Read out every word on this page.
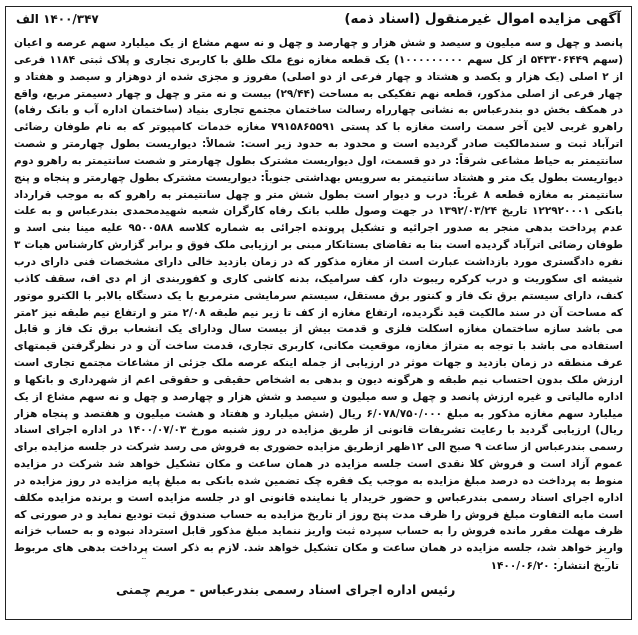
۱۴۰۰/۳۴۷ الف	آگهی مزایده اموال غیرمنقول (اسناد ذمه)
پانصد و چهل و سه میلیون و سیصد و شش هزار و چهارصد و چهل و نه سهم مشاع از یک میلیارد سهم عرصه و اعیان (سهم ۵۴۳۳۰۶۴۴۹ از کل سهم ۱۰۰۰۰۰۰۰۰۰) یک قطعه مغازه نوع ملک طلق با کاربری تجاری و پلاک ثبتی ۱۱۸۴ فرعی از ۲ اصلی (یک هزار و یکصد و هشتاد و چهار فرعی از دو اصلی) مفروز و مجزی شده از دوهزار و سیصد و هفتاد و چهار فرعی از اصلی مذکور، قطعه نهم تفکیکی به مساحت (۲۹/۴۴) بیست و نه متر و چهل و چهار دسیمتر مربع، واقع در همکف بخش دو بندرعباس به نشانی چهارراه رسالت ساختمان مجتمع تجاری بنیاد (ساختمان اداره آب و بانک رفاه) راهرو غربی لاین آخر سمت راست مغازه با کد پستی ۷۹۱۵۸۶۵۵۹۱ مغازه خدمات کامپیوتر که به نام طوفان رضائی اترآباد ثبت و سندمالکیت صادر گردیده است و محدود به حدود زیر است: شمالاً: دیواریست بطول چهارمتر و شصت سانتیمتر به حیاط مشاعی شرقاً: در دو قسمت، اول دیواریست مشترک بطول چهارمتر و شصت سانتیمتر به راهرو دوم دیواریست بطول یک متر و هشتاد سانتیمتر به سرویس بهداشتی جنوباً: دیواریست مشترک بطول چهارمتر و پنجاه و پنج سانتیمتر به مغازه قطعه ۸ غرباً: درب و دیوار است بطول شش متر و چهل سانتیمتر به راهرو که به موجب قرارداد بانکی ۱۲۲۹۲۰۰۰۱ تاریخ ۱۳۹۲/۰۳/۲۴ در جهت وصول طلب بانک رفاه کارگران شعبه شهیدمحمدی بندرعباس و به علت عدم پرداخت بدهی منجر به صدور اجرائیه و تشکیل پرونده اجرائی به شماره کلاسه ۹۵۰۰۵۸۸ علیه مینا بنی اسد و طوفان رضائی اترآباد گردیده است بنا به تقاضای بستانکار مبنی بر ارزیابی ملک فوق و برابر گزارش کارشناس هیات ۳ نفره دادگستری مورد بازداشت عبارت است از مغازه مذکور که در زمان بازدید خالی دارای مشخصات فنی دارای درب شیشه ای سکوریت و درب کرکره ریبوت دار، کف سرامیک، بدنه کاشی کاری و کفوربندی از ام دی اف، سقف کاذب کنف، دارای سیستم برق تک فاز و کنتور برق مستقل، سیستم سرمایشی مترمربع با یک دستگاه بالابر با الکترو موتور که مساحت آن در سند مالکیت قید نگردیده، ارتفاع مغازه از کف تا زیر نیم طبقه ۲/۰۸ متر و ارتفاع نیم طبقه نیز ۲متر می باشد سازه ساختمان مغازه اسکلت فلزی و قدمت بیش از بیست سال ودارای یک انشعاب برق تک فاز و قابل استفاده می باشد با توجه به متراژ مغازه، موقعیت مکانی، کاربری تجاری، قدمت ساخت آن و در نظرگرفتن قیمتهای عرف منطقه در زمان بازدید و جهات موثر در ارزیابی از جمله اینکه عرصه ملک جزئی از مشاعات مجتمع تجاری است ارزش ملک بدون احتساب نیم طبقه و هرگونه دیون و بدهی به اشخاص حقیقی و حقوقی اعم از شهرداری و بانکها و اداره مالیاتی و غیره ارزش پانصد و چهل و سه میلیون و سیصد و شش هزار و چهارصد و چهل و نه سهم مشاع از یک میلیارد سهم مغازه مذکور به مبلغ ۶/۰۷۸/۷۵۰/۰۰۰ ریال (شش میلیارد و هفتاد و هشت میلیون و هفتصد و پنجاه هزار ریال) ارزیابی گردید با رعایت تشریفات قانونی از طریق مزایده در روز شنبه مورخ ۱۴۰۰/۰۷/۰۳ در اداره اجرای اسناد رسمی بندرعباس از ساعت ۹ صبح الی ۱۲ظهر ازطریق مزایده حضوری به فروش می رسد شرکت در جلسه مزایده برای عموم آزاد است و فروش کلا نقدی است جلسه مزایده در همان ساعت و مکان تشکیل خواهد شد شرکت در مزایده منوط به پرداخت ده درصد مبلغ مزایده به موجب یک فقره چک تضمین شده بانکی به مبلغ پایه مزایده در روز مزایده در اداره اجرای اسناد رسمی بندرعباس و حضور خریدار یا نماینده قانونی او در جلسه مزایده است و برنده مزایده مکلف است مابه التفاوت مبلغ فروش را ظرف مدت پنج روز از تاریخ مزایده به حساب صندوق ثبت تودیع نماید و در صورتی که ظرف مهلت مقرر مانده فروش را به حساب سپرده ثبت واریز ننماید مبلغ مذکور قابل استرداد نبوده و به حساب خزانه واریز خواهد شد، جلسه مزایده در همان ساعت و مکان تشکیل خواهد شد. لازم به ذکر است پرداخت بدهی های مربوط
تاریخ انتشار: ۱۴۰۰/۰۶/۲۰
رئیس اداره اجرای اسناد رسمی بندرعباس - مریم چمنی
